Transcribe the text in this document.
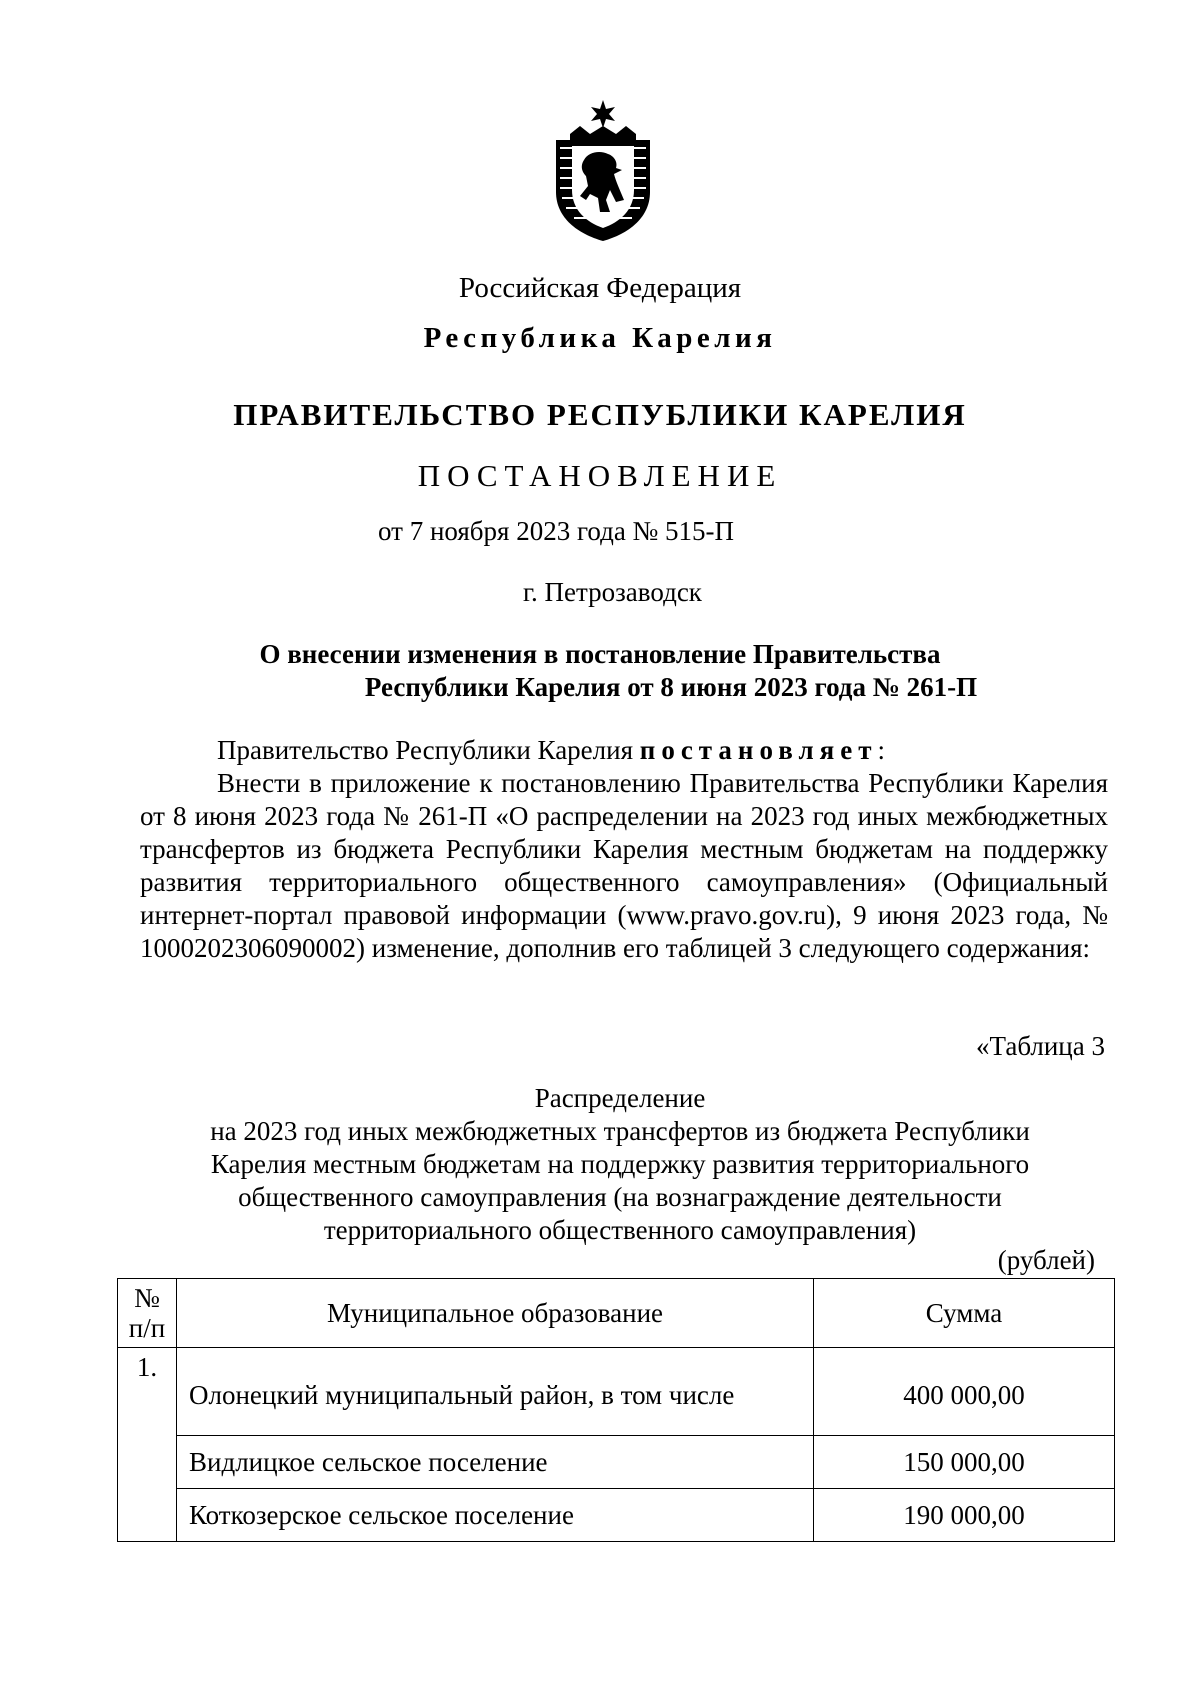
Российская Федерация
Республика Карелия
ПРАВИТЕЛЬСТВО РЕСПУБЛИКИ КАРЕЛИЯ
ПОСТАНОВЛЕНИЕ
от 7 ноября 2023 года № 515-П
г. Петрозаводск
О внесении изменения в постановление Правительства
Республики Карелия от 8 июня 2023 года № 261-П
Правительство Республики Карелия постановляет:
Внести в приложение к постановлению Правительства Республики Карелия от 8 июня 2023 года № 261-П «О распределении на 2023 год иных межбюджетных трансфертов из бюджета Республики Карелия местным бюджетам на поддержку развития территориального общественного самоуправления» (Официальный интернет-портал правовой информации (www.pravo.gov.ru), 9 июня 2023 года, № 1000202306090002) изменение, дополнив его таблицей 3 следующего содержания:
«Таблица 3
Распределение
на 2023 год иных межбюджетных трансфертов из бюджета Республики
Карелия местным бюджетам на поддержку развития территориального
общественного самоуправления (на вознаграждение деятельности
территориального общественного самоуправления)
(рублей)
№
п/п	Муниципальное образование	Сумма
1.	Олонецкий муниципальный район, в том числе	400 000,00
	Видлицкое сельское поселение	150 000,00
	Коткозерское сельское поселение	190 000,00
